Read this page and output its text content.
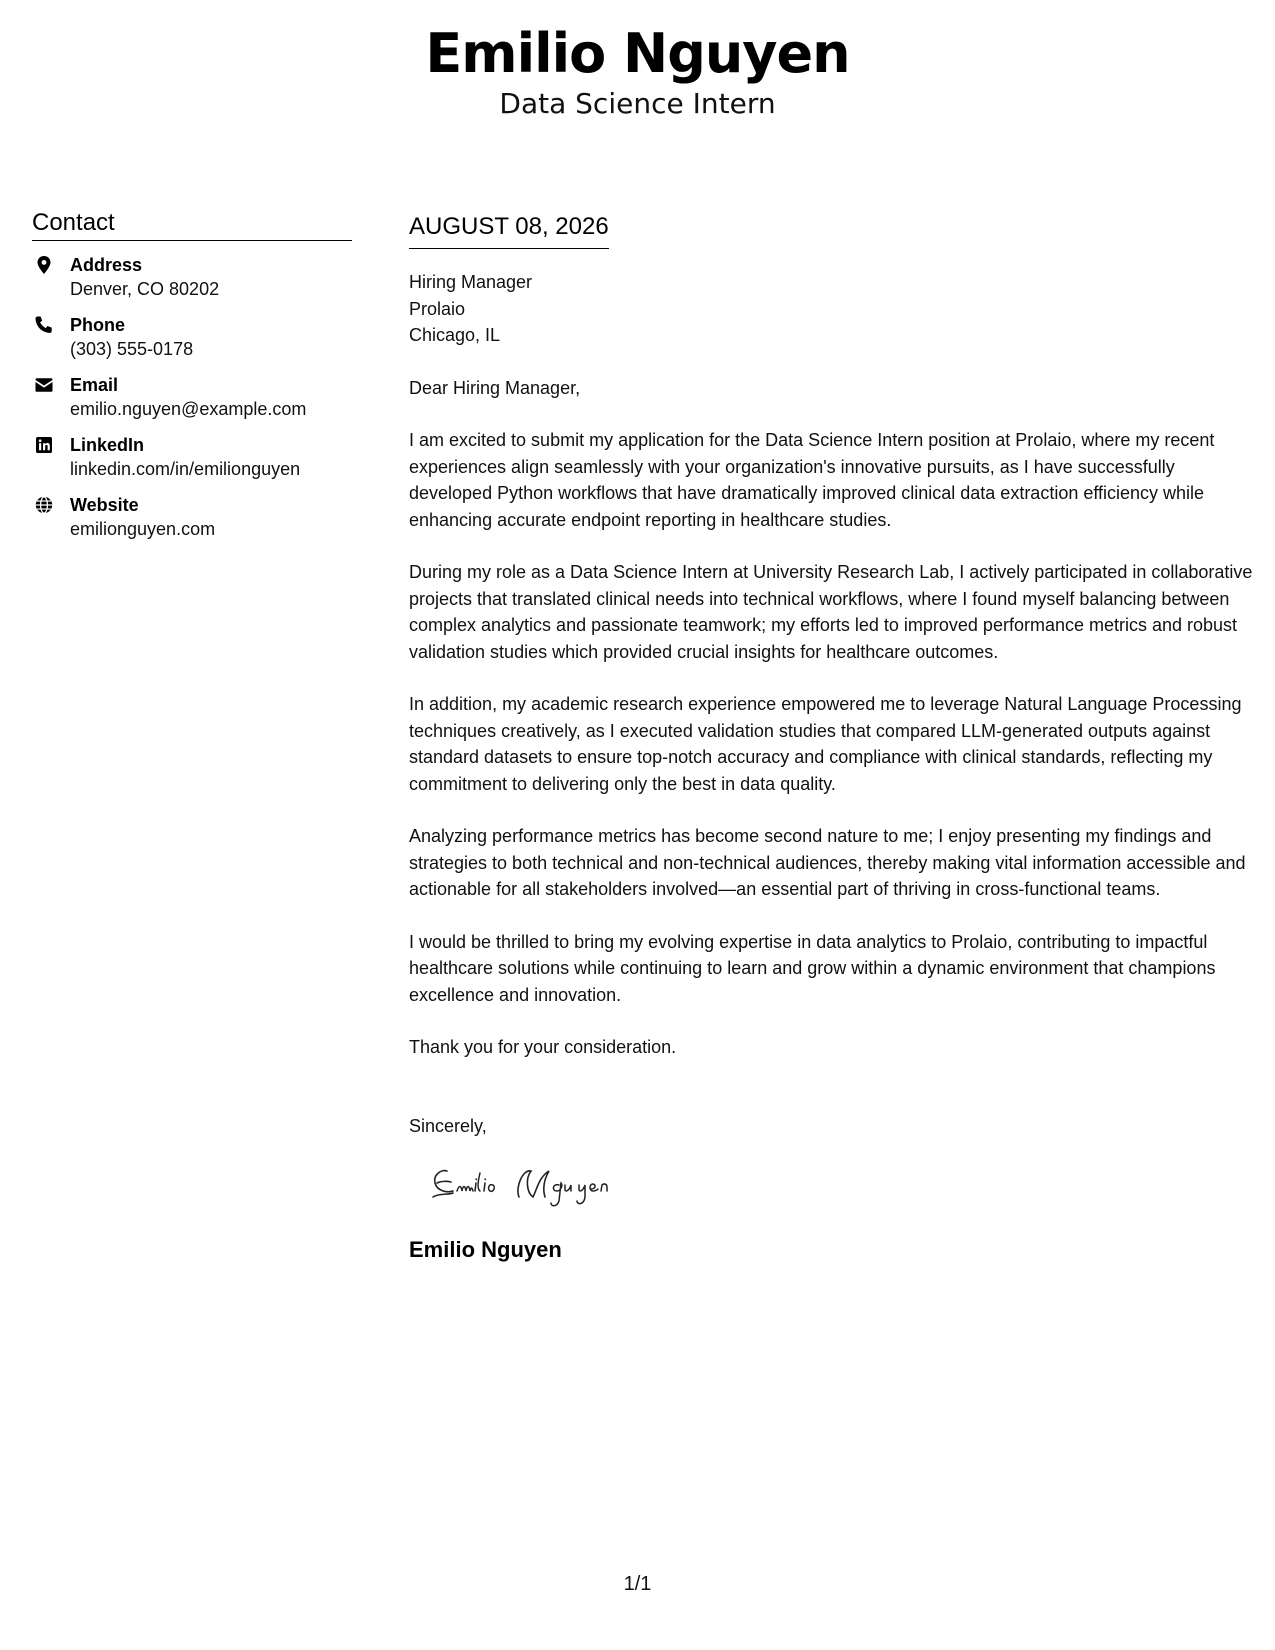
Emilio Nguyen
Data Science Intern
Contact
Address
Denver, CO 80202
Phone
(303) 555-0178
Email
emilio.nguyen@example.com
LinkedIn
linkedin.com/in/emilionguyen
Website
emilionguyen.com
AUGUST 08, 2026
Hiring Manager
Prolaio
Chicago, IL
Dear Hiring Manager,
I am excited to submit my application for the Data Science Intern position at Prolaio, where my recent experiences align seamlessly with your organization's innovative pursuits, as I have successfully developed Python workflows that have dramatically improved clinical data extraction efficiency while enhancing accurate endpoint reporting in healthcare studies.
During my role as a Data Science Intern at University Research Lab, I actively participated in collaborative projects that translated clinical needs into technical workflows, where I found myself balancing between complex analytics and passionate teamwork; my efforts led to improved performance metrics and robust validation studies which provided crucial insights for healthcare outcomes.
In addition, my academic research experience empowered me to leverage Natural Language Processing techniques creatively, as I executed validation studies that compared LLM-generated outputs against standard datasets to ensure top-notch accuracy and compliance with clinical standards, reflecting my commitment to delivering only the best in data quality.
Analyzing performance metrics has become second nature to me; I enjoy presenting my findings and strategies to both technical and non-technical audiences, thereby making vital information accessible and actionable for all stakeholders involved—an essential part of thriving in cross-functional teams.
I would be thrilled to bring my evolving expertise in data analytics to Prolaio, contributing to impactful healthcare solutions while continuing to learn and grow within a dynamic environment that champions excellence and innovation.
Thank you for your consideration.
Sincerely,
Emilio Nguyen
1/1
